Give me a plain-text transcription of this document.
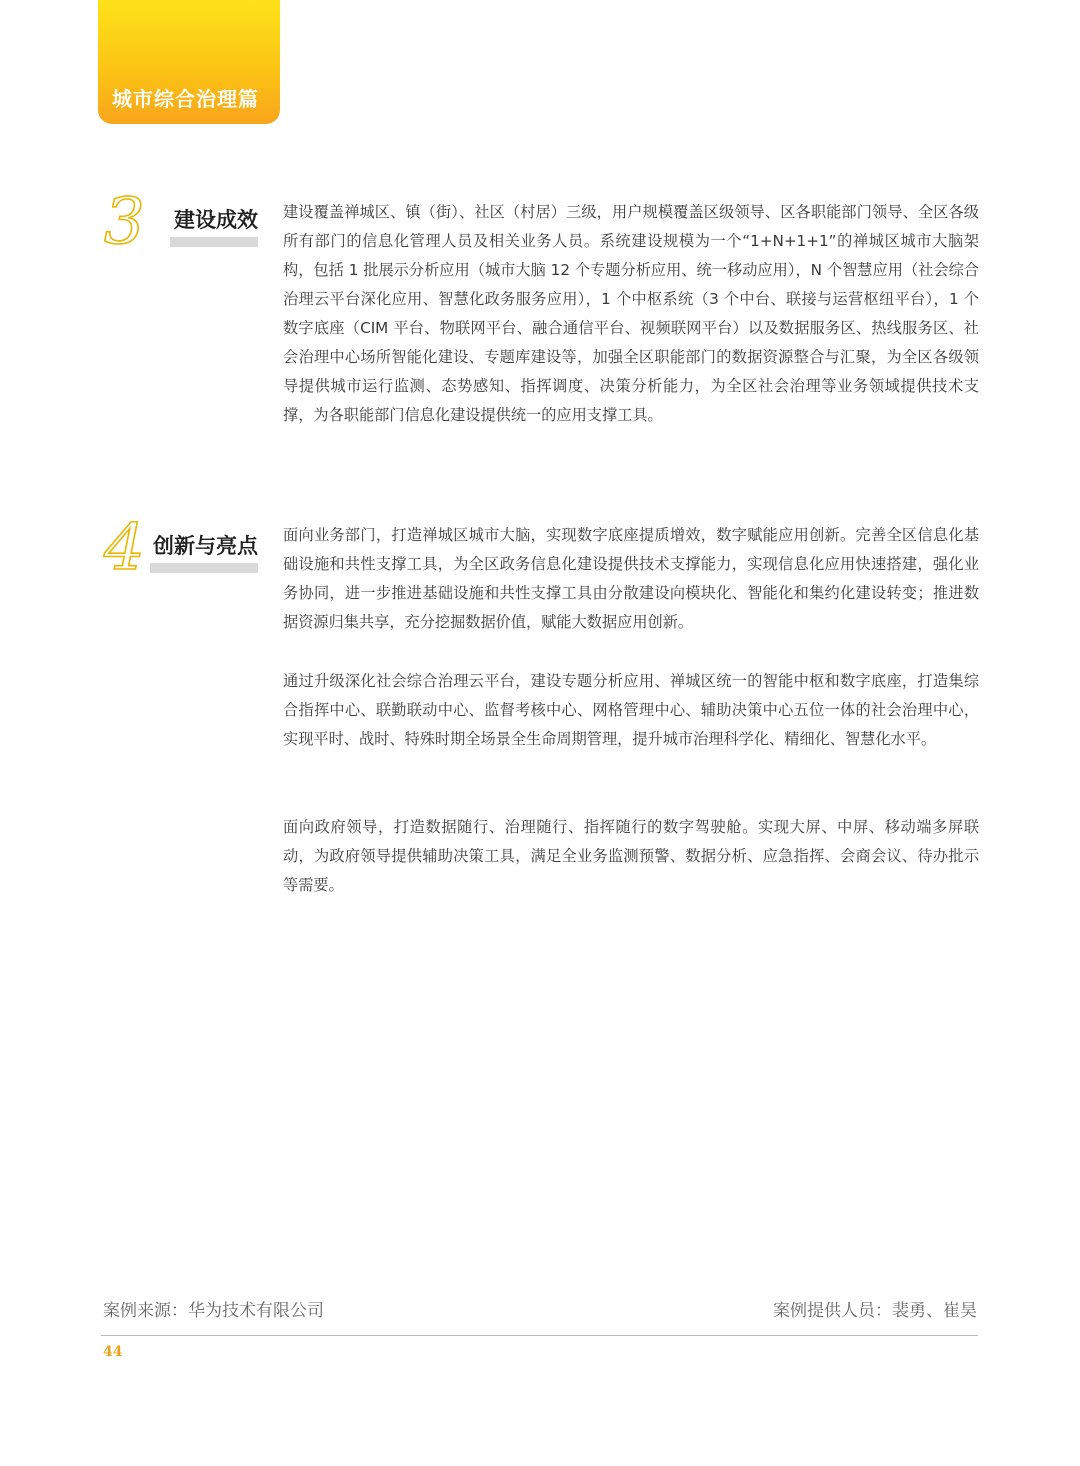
城市综合治理篇
3 建设成效 建设覆盖禅城区、镇（街）、社区（村居）三级，用户规模覆盖区级领导、区各职能部门领导、全区各级所有部门的信息化管理人员及相关业务人员。系统建设规模为一个“1+N+1+1”的禅城区城市大脑架构，包括 1 批展示分析应用（城市大脑 12 个专题分析应用、统一移动应用），N 个智慧应用（社会综合治理云平台深化应用、智慧化政务服务应用），1 个中枢系统（3 个中台、联接与运营枢纽平台），1 个数字底座（CIM 平台、物联网平台、融合通信平台、视频联网平台）以及数据服务区、热线服务区、社会治理中心场所智能化建设、专题库建设等，加强全区职能部门的数据资源整合与汇聚，为全区各级领导提供城市运行监测、态势感知、指挥调度、决策分析能力，为全区社会治理等业务领域提供技术支撑，为各职能部门信息化建设提供统一的应用支撑工具。

4 创新与亮点 面向业务部门，打造禅城区城市大脑，实现数字底座提质增效，数字赋能应用创新。完善全区信息化基础设施和共性支撑工具，为全区政务信息化建设提供技术支撑能力，实现信息化应用快速搭建，强化业务协同，进一步推进基础设施和共性支撑工具由分散建设向模块化、智能化和集约化建设转变；推进数据资源归集共享，充分挖掘数据价值，赋能大数据应用创新。

通过升级深化社会综合治理云平台，建设专题分析应用、禅城区统一的智能中枢和数字底座，打造集综合指挥中心、联勤联动中心、监督考核中心、网格管理中心、辅助决策中心五位一体的社会治理中心，实现平时、战时、特殊时期全场景全生命周期管理，提升城市治理科学化、精细化、智慧化水平。

面向政府领导，打造数据随行、治理随行、指挥随行的数字驾驶舱。实现大屏、中屏、移动端多屏联动，为政府领导提供辅助决策工具，满足全业务监测预警、数据分析、应急指挥、会商会议、待办批示等需要。

案例来源：华为技术有限公司	案例提供人员：裴勇、崔昊
44
